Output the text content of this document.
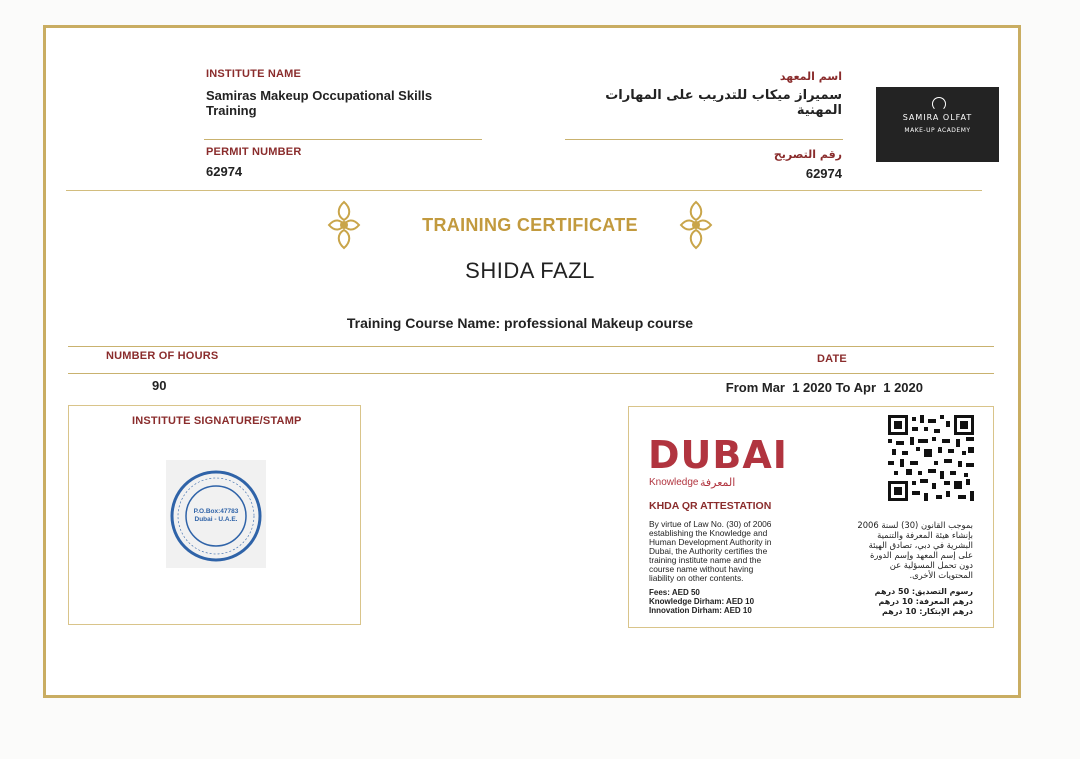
INSTITUTE NAME	اسم المعهد
Samiras Makeup Occupational Skills
Training
سميراز ميكاب للتدريب على المهارات المهنية
PERMIT NUMBER	رقم التصريح
62974	62974
SAMIRA OLFAT
MAKE-UP ACADEMY
TRAINING CERTIFICATE
SHIDA FAZL
Training Course Name: professional Makeup course
NUMBER OF HOURS	DATE
90	From Mar  1 2020 To Apr  1 2020
INSTITUTE SIGNATURE/STAMP
P.O.Box:47783
Dubai - U.A.E.
DUBAI
Knowledge المعرفة
KHDA QR ATTESTATION
By virtue of Law No. (30) of 2006
establishing the Knowledge and
Human Development Authority in
Dubai, the Authority certifies the
training institute name and the
course name without having
liability on other contents.
بموجب القانون (30) لسنة 2006
بإنشاء هيئة المعرفة والتنمية
البشرية في دبي، تصادق الهيئة
على إسم المعهد وإسم الدورة
دون تحمل المسؤلية عن
المحتويات الأخرى.
Fees: AED 50
Knowledge Dirham: AED 10
Innovation Dirham: AED 10
رسوم التصديق: 50 درهم
درهم المعرفة: 10 درهم
درهم الإبتكار: 10 درهم
